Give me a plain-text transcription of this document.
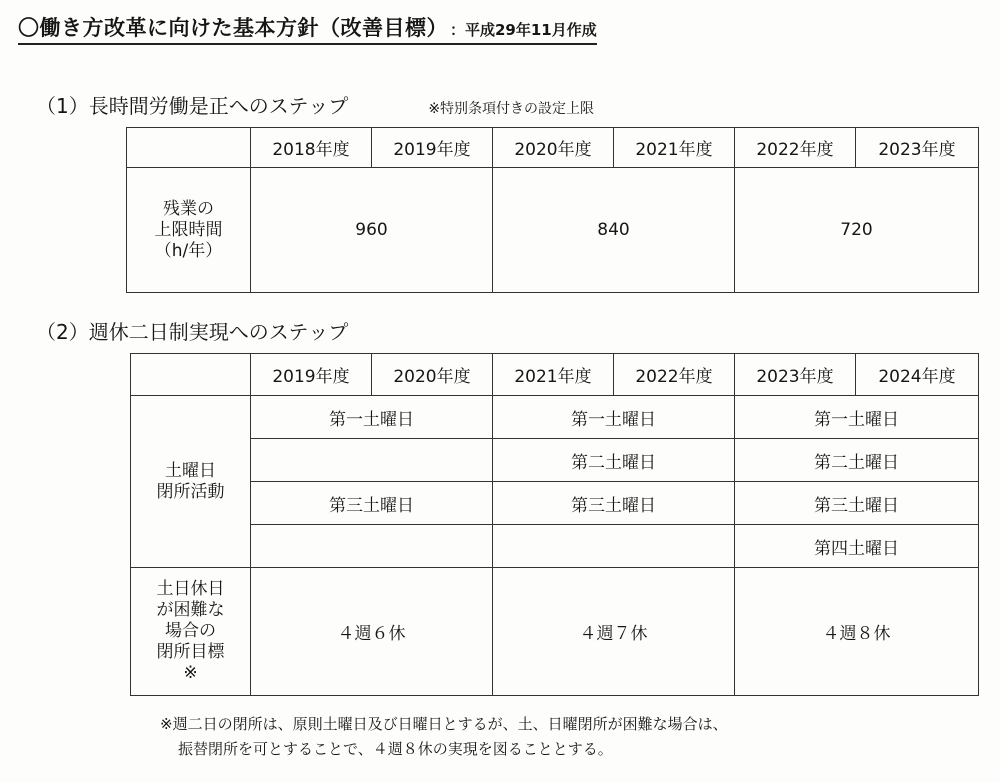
〇働き方改革に向けた基本方針（改善目標） ：平成29年11月作成
（1）長時間労働是正へのステップ	※特別条項付きの設定上限
	2018年度	2019年度	2020年度	2021年度	2022年度	2023年度

残業の
上限時間
（h/年）	960		840		720	
（2）週休二日制実現へのステップ
	2019年度	2020年度	2021年度	2022年度	2023年度	2024年度

土曜日
閉所活動	第一土曜日		第一土曜日		第一土曜日	
			第二土曜日		第二土曜日	
	第三土曜日		第三土曜日		第三土曜日	
					第四土曜日	

土日休日
が困難な
場合の
閉所目標
※	４週６休		４週７休		４週８休	
※週二日の閉所は、原則土曜日及び日曜日とするが、土、日曜閉所が困難な場合は、
振替閉所を可とすることで、４週８休の実現を図ることとする。
